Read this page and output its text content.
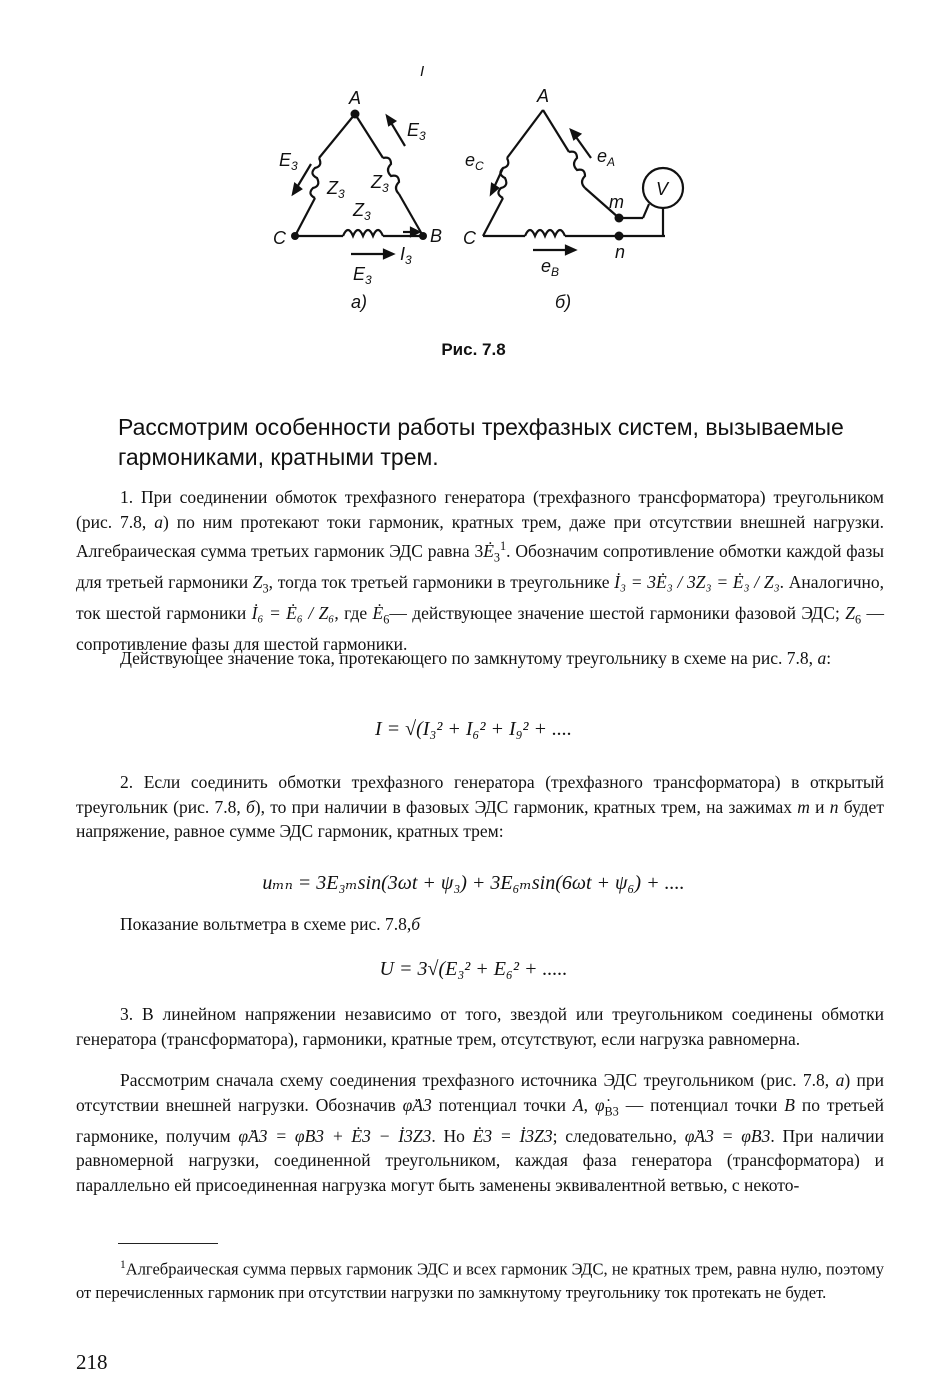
I
A
C	B
$E_3$
$E_3$
$Z_3$
$Z_3$
$Z_3$
$E_3$
$I_3$
а)
A
C
$e_C$	$e_A$
$e_B$
m
n
V
б)
Рис. 7.8
Рассмотрим особенности работы трехфазных систем, вызываемые гармониками, кратными трем.
1. При соединении обмоток трехфазного генератора (трехфазного трансформатора) треугольником (рис. 7.8, а) по ним протекают токи гармоник, кратных трем, даже при отсутствии внешней нагрузки. Алгебраическая сумма третьих гармоник ЭДС равна $3Ė_3^1$. Обозначим сопротивление обмотки каждой фазы для третьей гармоники $Z_3$, тогда ток третьей гармоники в треугольнике İ₃ = 3Ė₃ / 3Z₃ = Ė₃ / Z₃. Аналогично, ток шестой гармоники İ₆ = Ė₆ / Z₆, где $Ė_6—$ действующее значение шестой гармоники фазовой ЭДС; $Z_6$ — сопротивление фазы для шестой гармоники.
Действующее значение тока, протекающего по замкнутому треугольнику в схеме на рис. 7.8, а:
I = √(I₃² + I₆² + I₉² + ....
2. Если соединить обмотки трехфазного генератора (трехфазного трансформатора) в открытый треугольник (рис. 7.8, б), то при наличии в фазовых ЭДС гармоник, кратных трем, на зажимах m и n будет напряжение, равное сумме ЭДС гармоник, кратных трем:
uₘₙ = 3E₃ₘsin(3ωt + ψ₃) + 3E₆ₘsin(6ωt + ψ₆) + ....
Показание вольтметра в схеме рис. 7.8,б
U = 3√(E₃² + E₆² + .....
3. В линейном напряжении независимо от того, звездой или треугольником соединены обмотки генератора (трансформатора), гармоники, кратные трем, отсутствуют, если нагрузка равномерна.
Рассмотрим сначала схему соединения трехфазного источника ЭДС треугольником (рис. 7.8, а) при отсутствии внешней нагрузки. Обозначив φ̇A3 потенциал точки A, $\varphi̇_{B3}$ — потенциал точки B по третьей гармонике, получим φ̇A3 = φ̇B3 + Ė3 − İ3Z3. Но Ė3 = İ3Z3; следовательно, φ̇A3 = φ̇B3. При наличии равномерной нагрузки, соединенной треугольником, каждая фаза генератора (трансформатора) и параллельно ей присоединенная нагрузка могут быть заменены эквивалентной ветвью, с некото-
$^1$Алгебраическая сумма первых гармоник ЭДС и всех гармоник ЭДС, не кратных трем, равна нулю, поэтому от перечисленных гармоник при отсутствии нагрузки по замкнутому треугольнику ток протекать не будет.
218
